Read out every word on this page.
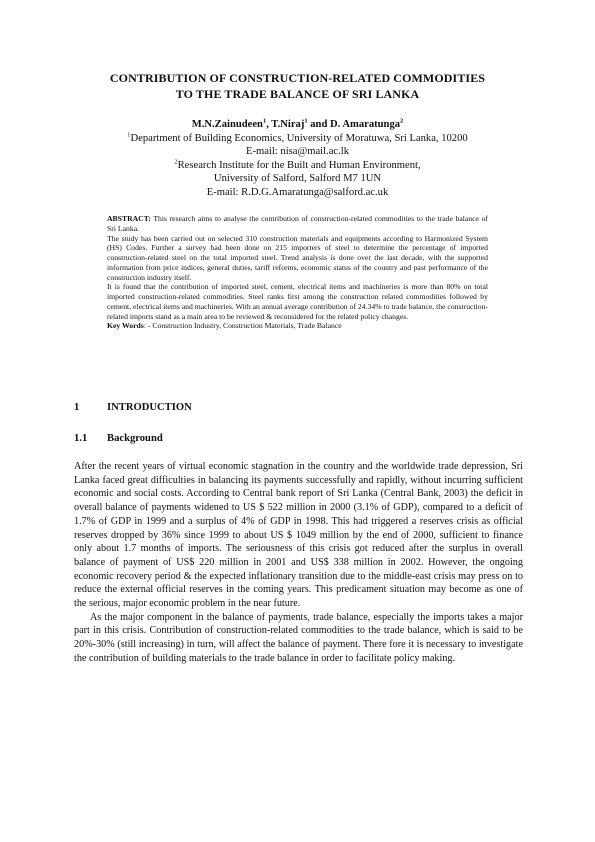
CONTRIBUTION OF CONSTRUCTION-RELATED COMMODITIES
TO THE TRADE BALANCE OF SRI LANKA
M.N.Zainudeen$^1$, T.Niraj$^1$ and D. Amaratunga$^2$
$^1$Department of Building Economics, University of Moratuwa, Sri Lanka, 10200
E-mail: nisa@mail.ac.lk
$^2$Research Institute for the Built and Human Environment,
University of Salford, Salford M7 1UN
E-mail: R.D.G.Amaratunga@salford.ac.uk

ABSTRACT: This research aims to analyse the contribution of construction-related commodities to the trade balance of Sri Lanka.

The study has been carried out on selected 310 construction materials and equipments according to Harmonized System (HS) Codes. Further a survey had been done on 215 importers of steel to determine the percentage of imported construction-related steel on the total imported steel. Trend analysis is done over the last decade, with the supported information from price indices, general duties, tariff reforms, economic status of the country and past performance of the construction industry itself.

It is found that the contribution of imported steel, cement, electrical items and machineries is more than 80% on total imported construction-related commodities. Steel ranks first among the construction related commodities followed by cement, electrical items and machineries. With an annual average contribution of 24.34% to trade balance, the construction-related imports stand as a main area to be reviewed & reconsidered for the related policy changes.

Key Words: - Construction Industry, Construction Materials, Trade Balance

1	INTRODUCTION
1.1 Background

After the recent years of virtual economic stagnation in the country and the worldwide trade depression, Sri Lanka faced great difficulties in balancing its payments successfully and rapidly, without incurring sufficient economic and social costs. According to Central bank report of Sri Lanka (Central Bank, 2003) the deficit in overall balance of payments widened to US $ 522 million in 2000 (3.1% of GDP), compared to a deficit of 1.7% of GDP in 1999 and a surplus of 4% of GDP in 1998. This had triggered a reserves crisis as official reserves dropped by 36% since 1999 to about US $ 1049 million by the end of 2000, sufficient to finance only about 1.7 months of imports. The seriousness of this crisis got reduced after the surplus in overall balance of payment of US$ 220 million in 2001 and US$ 338 million in 2002. However, the ongoing economic recovery period & the expected inflationary transition due to the middle-east crisis may press on to reduce the external official reserves in the coming years. This predicament situation may become as one of the serious, major economic problem in the near future.

As the major component in the balance of payments, trade balance, especially the imports takes a major part in this crisis. Contribution of construction-related commodities to the trade balance, which is said to be 20%-30% (still increasing) in turn, will affect the balance of payment. There fore it is necessary to investigate the contribution of building materials to the trade balance in order to facilitate policy making.
